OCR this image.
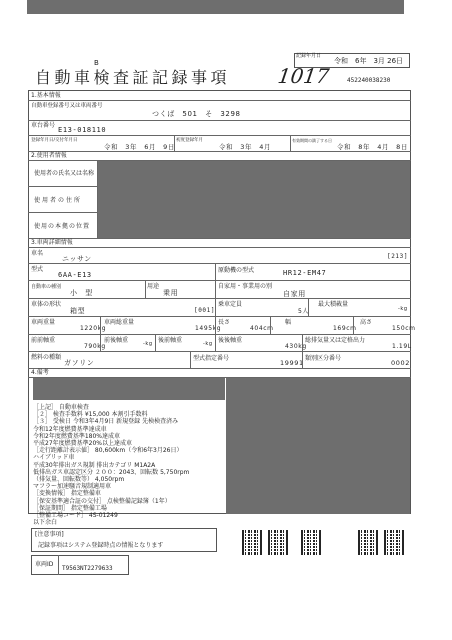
B
自動車検査証記録事項 1017
記録年月日
令和　6年　3月 26日
452240038230
1.基本情報
自動車登録番号又は車両番号
つくば　501　そ　3298
車台番号
E13-018110
登録年月日/交付年月日
令和　3年　6月　9日
初度登録年月
令和　3年　4月
有効期間の満了する日
令和　8年　4月　8日
2.使用者情報
使用者の氏名又は名称
使用者の住所
使用の本拠の位置
3.車両詳細情報
車名
ニッサン	[213]
型式
6AA-E13
原動機の型式	HR12-EM47
自動車の種別
小　型
用途
乗用
自家用・事業用の別
自家用
車体の形状
箱型	[001]
乗車定員
5人
最大積載量
-kg
車両重量
1220kg
車両総重量
1495kg
長さ
404cm
幅
169cm
高さ
150cm
前前軸重
790kg
前後軸重	-kg 後前軸重	-kg 後後軸重
430kg
総排気量又は定格出力
1.19L
燃料の種類
ガソリン
型式指定番号
19991
類別区分番号
0002
4.備考
［上記］ 自動車検査
［２］ 検査手数料 ¥15,000 本割引手数料
［３］ 受検日 令和3年4月9日 新規登録 先検検査済み
令和12年度燃費基準達成車
令和2年度燃費基準180%達成車
平成27年度燃費基準20%以上達成車
［走行距離計表示値］ 80,600km（令和6年3月26日）
ハイブリッド車
平成30年排出ガス規制 排出カテゴリ M1A2A
低排出ガス車認定区分 ２００：2043、回転数 5,750rpm
（排気量、回転数等） 4,050rpm
マフラー加速騒音規制適用車
［変換情報］ 指定整備車
［保安基準適合証の交付］ 点検整備記録簿（1年）
［保証期間］ 指定整備工場
［整備工場コード］ 4S-01249
以下余白
[注意事項]
記録事項はシステム登録時点の情報となります
車両ID
T9563NT2279633
